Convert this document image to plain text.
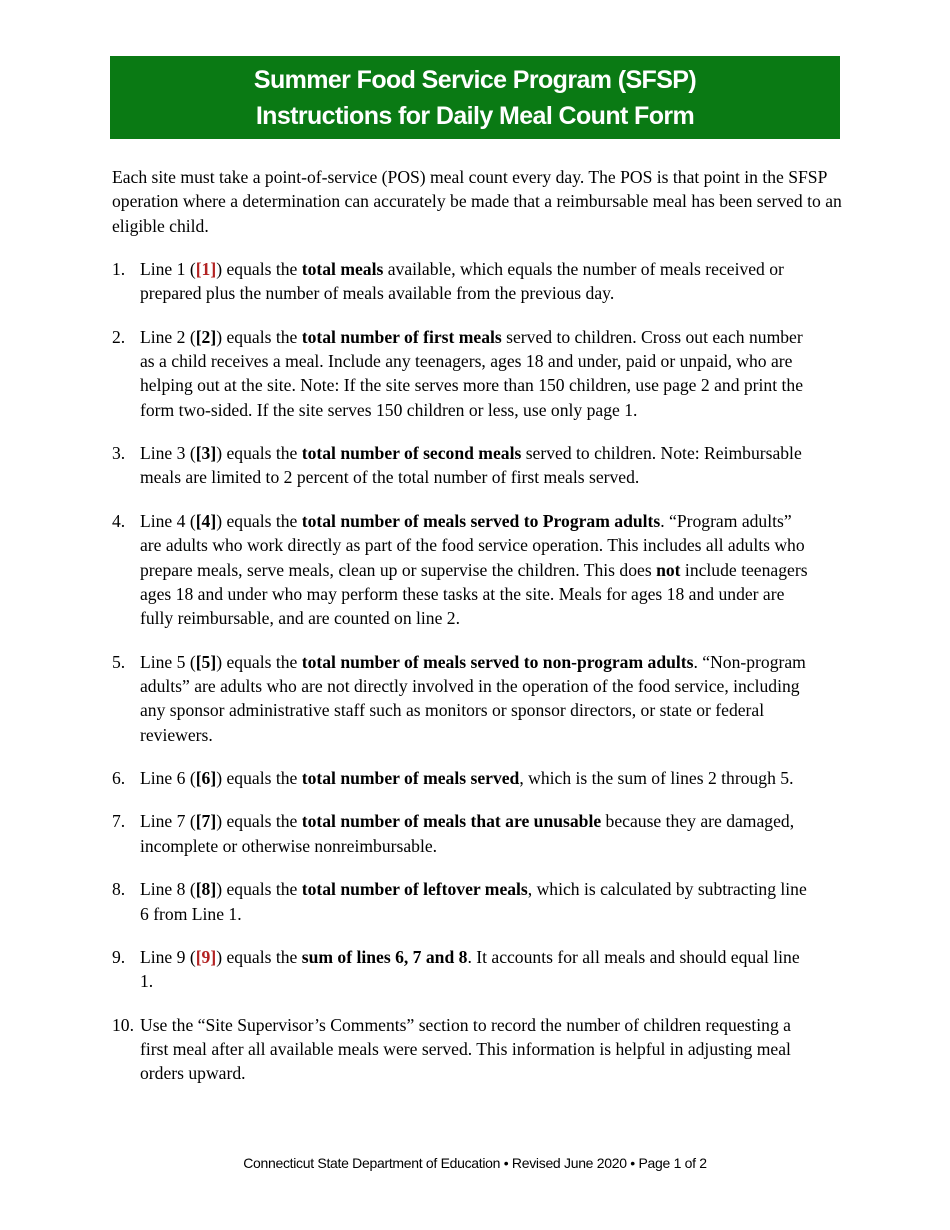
Summer Food Service Program (SFSP)
Instructions for Daily Meal Count Form

Each site must take a point-of-service (POS) meal count every day. The POS is that point in the SFSP operation where a determination can accurately be made that a reimbursable meal has been served to an eligible child.

1. Line 1 ([1]) equals the total meals available, which equals the number of meals received or prepared plus the number of meals available from the previous day.
2. Line 2 ([2]) equals the total number of first meals served to children. Cross out each number as a child receives a meal. Include any teenagers, ages 18 and under, paid or unpaid, who are helping out at the site. Note: If the site serves more than 150 children, use page 2 and print the form two-sided. If the site serves 150 children or less, use only page 1.
3. Line 3 ([3]) equals the total number of second meals served to children. Note: Reimbursable meals are limited to 2 percent of the total number of first meals served.
4. Line 4 ([4]) equals the total number of meals served to Program adults. “Program adults” are adults who work directly as part of the food service operation. This includes all adults who prepare meals, serve meals, clean up or supervise the children. This does not include teenagers ages 18 and under who may perform these tasks at the site. Meals for ages 18 and under are fully reimbursable, and are counted on line 2.
5. Line 5 ([5]) equals the total number of meals served to non-program adults. “Non-program adults” are adults who are not directly involved in the operation of the food service, including any sponsor administrative staff such as monitors or sponsor directors, or state or federal reviewers.
6. Line 6 ([6]) equals the total number of meals served, which is the sum of lines 2 through 5.
7. Line 7 ([7]) equals the total number of meals that are unusable because they are damaged, incomplete or otherwise nonreimbursable.
8. Line 8 ([8]) equals the total number of leftover meals, which is calculated by subtracting line 6 from Line 1.
9. Line 9 ([9]) equals the sum of lines 6, 7 and 8. It accounts for all meals and should equal line 1.
10. Use the “Site Supervisor’s Comments” section to record the number of children requesting a first meal after all available meals were served. This information is helpful in adjusting meal orders upward.
Connecticut State Department of Education • Revised June 2020 • Page 1 of 2
